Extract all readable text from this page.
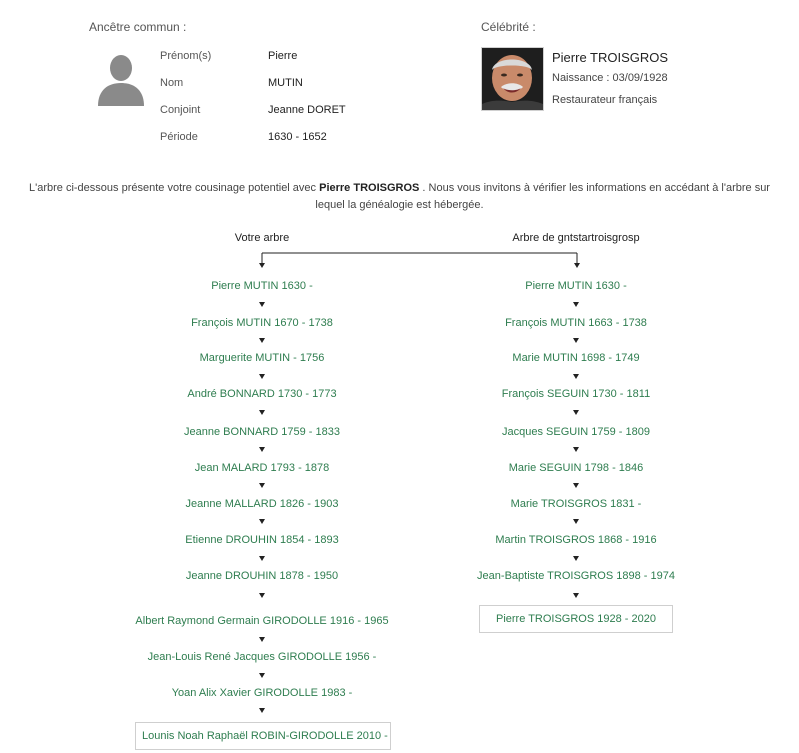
Ancêtre commun :
Prénom(s)	Pierre
Nom	MUTIN
Conjoint	Jeanne DORET
Période	1630 - 1652
Célébrité :
Pierre TROISGROS
Naissance : 03/09/1928
Restaurateur français
L'arbre ci-dessous présente votre cousinage potentiel avec Pierre TROISGROS . Nous vous invitons à vérifier les informations en accédant à l'arbre sur lequel la généalogie est hébergée.
Votre arbre	Arbre de gntstartroisgrosp
Pierre MUTIN 1630 -
François MUTIN 1670 - 1738
Marguerite MUTIN - 1756
André BONNARD 1730 - 1773
Jeanne BONNARD 1759 - 1833
Jean MALARD 1793 - 1878
Jeanne MALLARD 1826 - 1903
Etienne DROUHIN 1854 - 1893
Jeanne DROUHIN 1878 - 1950
Albert Raymond Germain GIRODOLLE 1916 - 1965
Jean-Louis René Jacques GIRODOLLE 1956 -
Yoan Alix Xavier GIRODOLLE 1983 -
Lounis Noah Raphaël ROBIN-GIRODOLLE 2010 -
Pierre MUTIN 1630 -
François MUTIN 1663 - 1738
Marie MUTIN 1698 - 1749
François SEGUIN 1730 - 1811
Jacques SEGUIN 1759 - 1809
Marie SEGUIN 1798 - 1846
Marie TROISGROS 1831 -
Martin TROISGROS 1868 - 1916
Jean-Baptiste TROISGROS 1898 - 1974
Pierre TROISGROS 1928 - 2020
